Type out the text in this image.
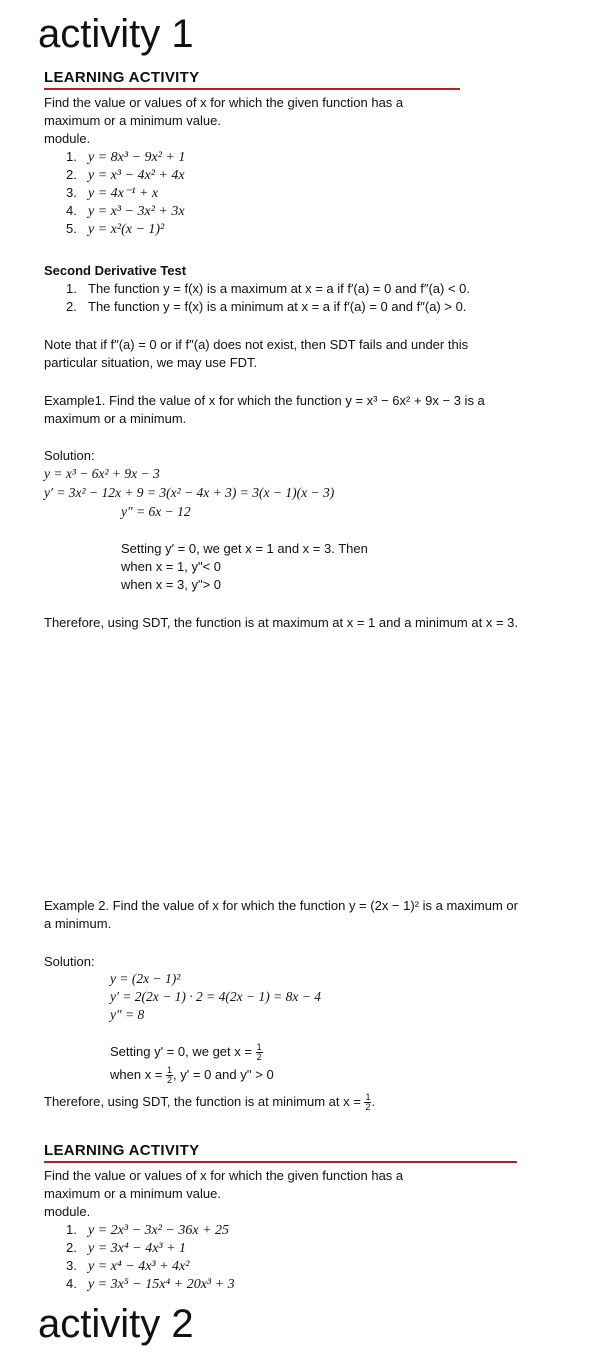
activity 1
LEARNING ACTIVITY
Find the value or values of x for which the given function has a
maximum or a minimum value.
module.
1. y = 8x³ − 9x² + 1
2. y = x³ − 4x² + 4x
3. y = 4x⁻¹ + x
4. y = x³ − 3x² + 3x
5. y = x²(x − 1)²
Second Derivative Test
1. The function y = f(x) is a maximum at x = a if f′(a) = 0 and f″(a) < 0.
2. The function y = f(x) is a minimum at x = a if f′(a) = 0 and f″(a) > 0.
Note that if f″(a) = 0 or if f″(a) does not exist, then SDT fails and under this
particular situation, we may use FDT.
Example1. Find the value of x for which the function y = x³ − 6x² + 9x − 3 is a
maximum or a minimum.
Solution:
y = x³ − 6x² + 9x − 3
y′ = 3x² − 12x + 9 = 3(x² − 4x + 3) = 3(x − 1)(x − 3)
y″ = 6x − 12
Setting y′ = 0, we get x = 1 and x = 3. Then
when x = 1, y"< 0
when x = 3, y"> 0
Therefore, using SDT, the function is at maximum at x = 1 and a minimum at x = 3.
Example 2. Find the value of x for which the function y = (2x − 1)² is a maximum or
a minimum.
Solution:
y = (2x − 1)²
y′ = 2(2x − 1) · 2 = 4(2x − 1) = 8x − 4
y″ = 8
Setting y' = 0, we get $x = \frac{1}{2}$
when $x = \frac{1}{2}$ , y' = 0 and y'' > 0
Therefore, using SDT, the function is at minimum at $x = \frac{1}{2}$ .
LEARNING ACTIVITY
Find the value or values of x for which the given function has a
maximum or a minimum value.
module.
1. y = 2x³ − 3x² − 36x + 25
2. y = 3x⁴ − 4x³ + 1
3. y = x⁴ − 4x³ + 4x²
4. y = 3x⁵ − 15x⁴ + 20x³ + 3
activity 2
